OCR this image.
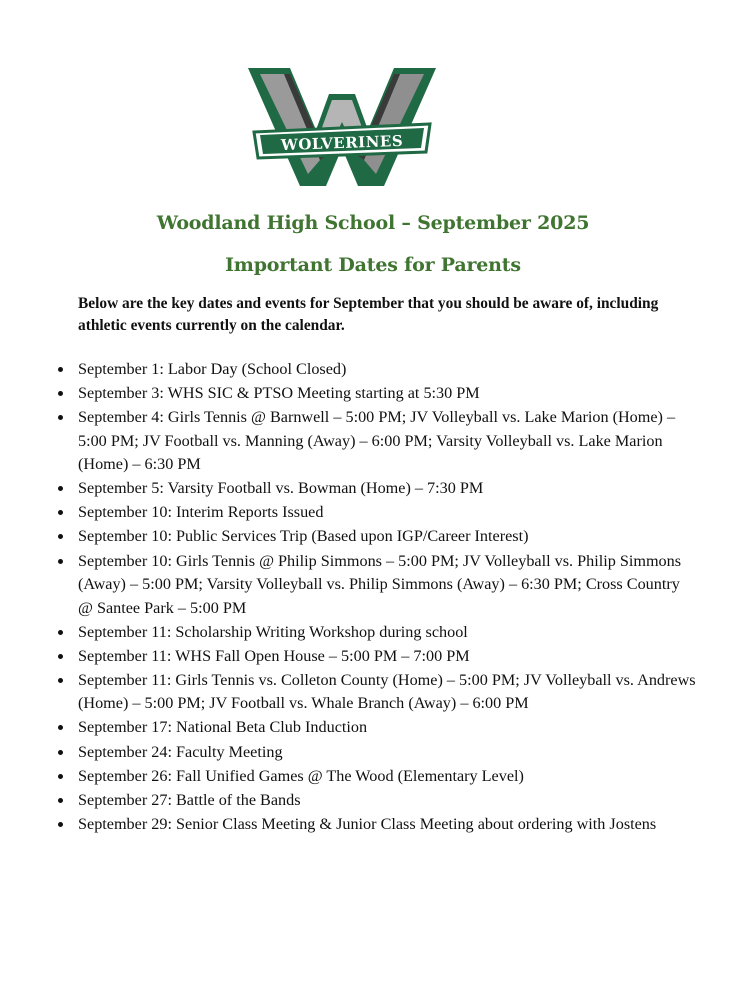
WOLVERINES
Woodland High School – September 2025
Important Dates for Parents

Below are the key dates and events for September that you should be aware of, including athletic events currently on the calendar.

September 1: Labor Day (School Closed)
September 3: WHS SIC & PTSO Meeting starting at 5:30 PM
September 4: Girls Tennis @ Barnwell – 5:00 PM; JV Volleyball vs. Lake Marion (Home) – 5:00 PM; JV Football vs. Manning (Away) – 6:00 PM; Varsity Volleyball vs. Lake Marion (Home) – 6:30 PM
September 5: Varsity Football vs. Bowman (Home) – 7:30 PM
September 10: Interim Reports Issued
September 10: Public Services Trip (Based upon IGP/Career Interest)
September 10: Girls Tennis @ Philip Simmons – 5:00 PM; JV Volleyball vs. Philip Simmons (Away) – 5:00 PM; Varsity Volleyball vs. Philip Simmons (Away) – 6:30 PM; Cross Country @ Santee Park – 5:00 PM
September 11: Scholarship Writing Workshop during school
September 11: WHS Fall Open House – 5:00 PM – 7:00 PM
September 11: Girls Tennis vs. Colleton County (Home) – 5:00 PM; JV Volleyball vs. Andrews (Home) – 5:00 PM; JV Football vs. Whale Branch (Away) – 6:00 PM
September 17: National Beta Club Induction
September 24: Faculty Meeting
September 26: Fall Unified Games @ The Wood (Elementary Level)
September 27: Battle of the Bands
September 29: Senior Class Meeting & Junior Class Meeting about ordering with Jostens
